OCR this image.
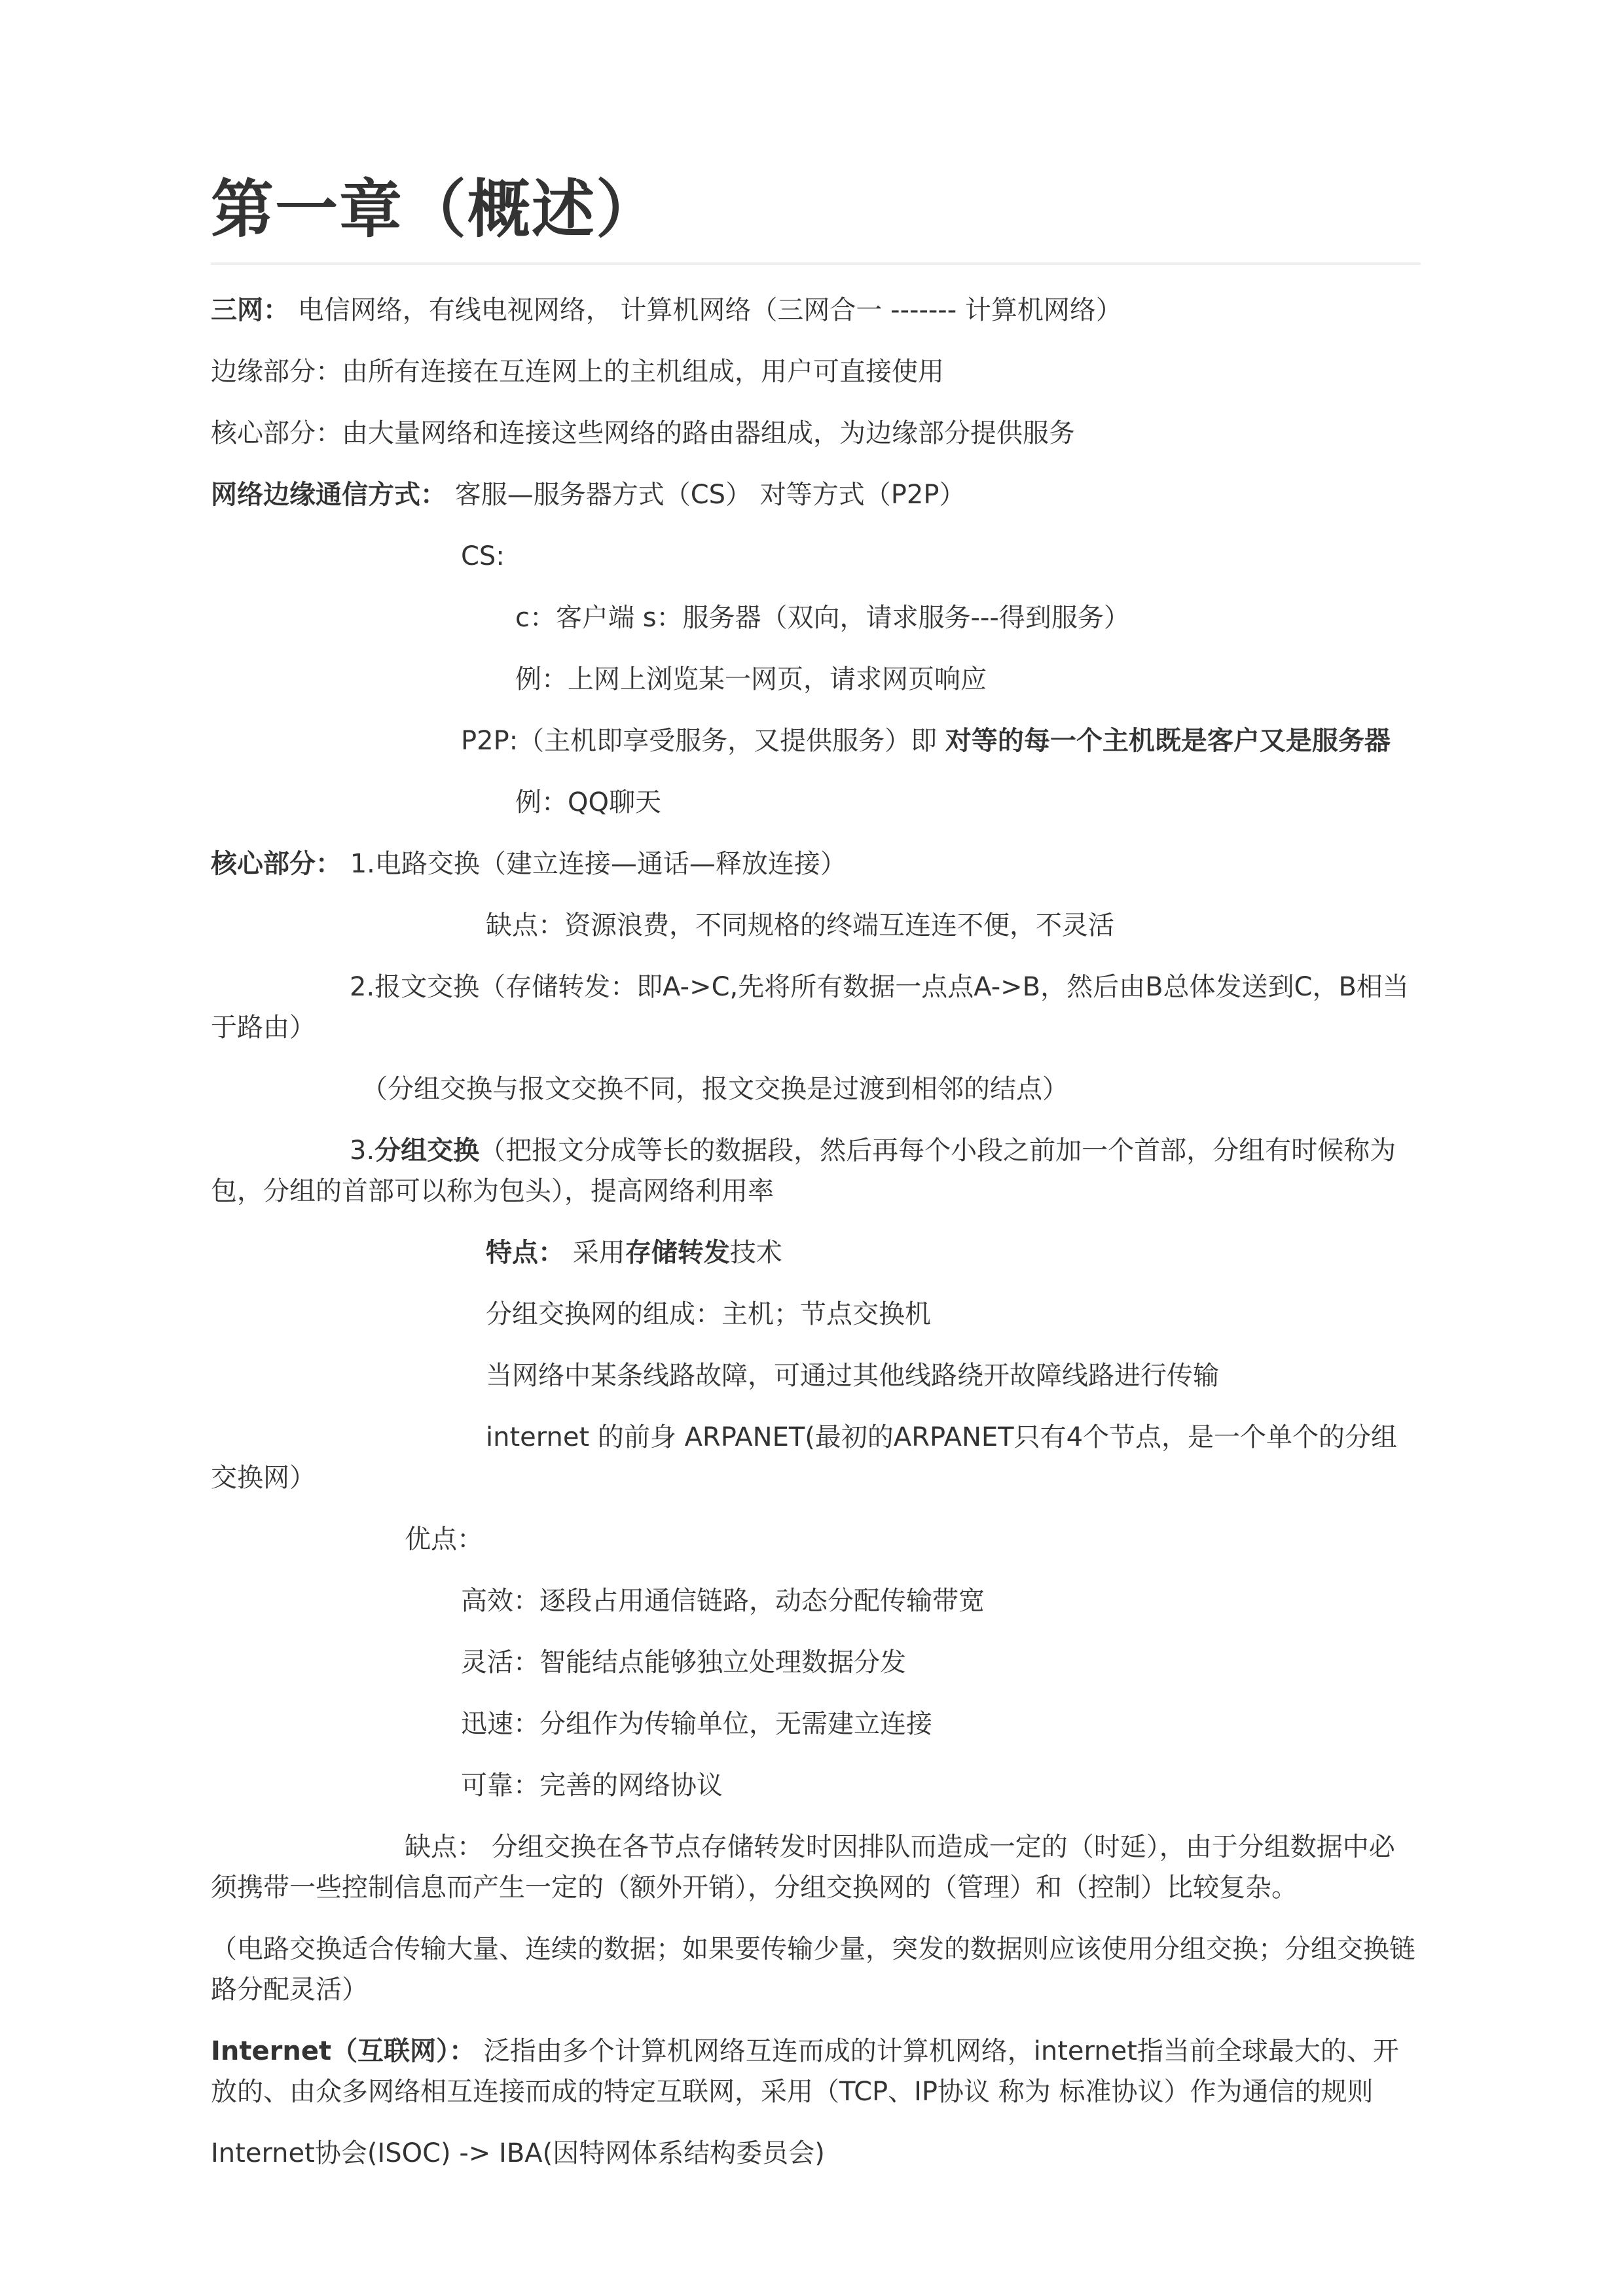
第一章（概述）

三网： 电信网络，有线电视网络， 计算机网络（三网合一 ------- 计算机网络）

边缘部分：由所有连接在互连网上的主机组成，用户可直接使用

核心部分：由大量网络和连接这些网络的路由器组成，为边缘部分提供服务

网络边缘通信方式： 客服—服务器方式（CS） 对等方式（P2P）

CS:

c：客户端 s：服务器（双向，请求服务---得到服务）

例：上网上浏览某一网页，请求网页响应

P2P:（主机即享受服务，又提供服务）即 对等的每一个主机既是客户又是服务器

例：QQ聊天

核心部分： 1.电路交换（建立连接—通话—释放连接）

缺点：资源浪费，不同规格的终端互连连不便，不灵活

2.报文交换（存储转发：即A->C,先将所有数据一点点A->B，然后由B总体发送到C，B相当于路由）

（分组交换与报文交换不同，报文交换是过渡到相邻的结点）

3.分组交换（把报文分成等长的数据段，然后再每个小段之前加一个首部，分组有时候称为包，分组的首部可以称为包头），提高网络利用率

特点： 采用存储转发技术

分组交换网的组成：主机；节点交换机

当网络中某条线路故障，可通过其他线路绕开故障线路进行传输

internet 的前身 ARPANET(最初的ARPANET只有4个节点，是一个单个的分组交换网）

优点：

高效：逐段占用通信链路，动态分配传输带宽

灵活：智能结点能够独立处理数据分发

迅速：分组作为传输单位，无需建立连接

可靠：完善的网络协议

缺点： 分组交换在各节点存储转发时因排队而造成一定的（时延），由于分组数据中必须携带一些控制信息而产生一定的（额外开销），分组交换网的（管理）和（控制）比较复杂。

（电路交换适合传输大量、连续的数据；如果要传输少量，突发的数据则应该使用分组交换；分组交换链路分配灵活）

Internet（互联网）： 泛指由多个计算机网络互连而成的计算机网络，internet指当前全球最大的、开放的、由众多网络相互连接而成的特定互联网，采用（TCP、IP协议 称为 标准协议）作为通信的规则

Internet协会(ISOC) -> IBA(因特网体系结构委员会)
